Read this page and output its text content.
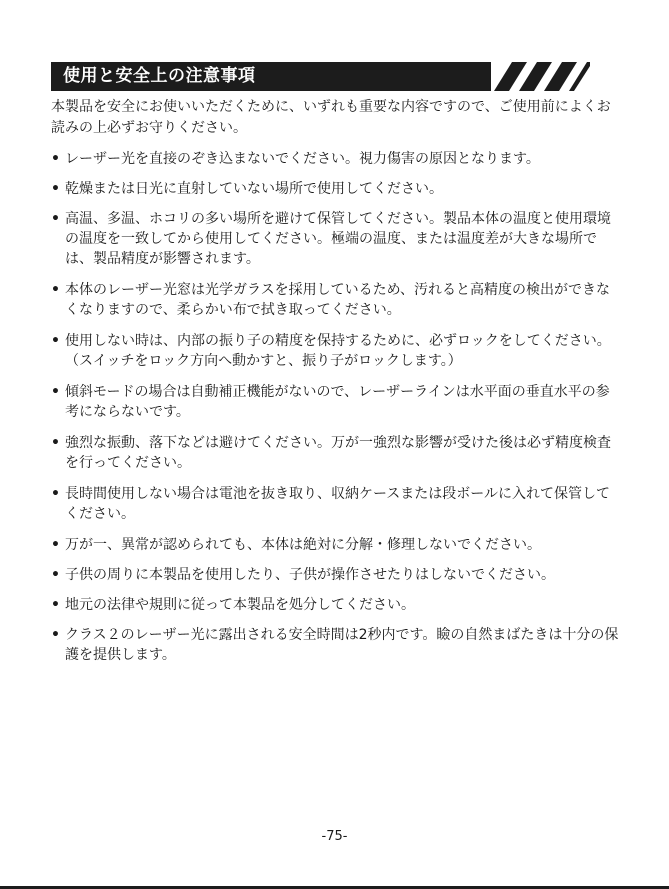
使用と安全上の注意事項
本製品を安全にお使いいただくために、いずれも重要な内容ですので、ご使用前によくお読みの上必ずお守りください。
• レーザー光を直接のぞき込まないでください。視力傷害の原因となります。
• 乾燥または日光に直射していない場所で使用してください。
• 高温、多温、ホコリの多い場所を避けて保管してください。製品本体の温度と使用環境の温度を一致してから使用してください。極端の温度、または温度差が大きな場所では、製品精度が影響されます。
• 本体のレーザー光窓は光学ガラスを採用しているため、汚れると高精度の検出ができなくなりますので、柔らかい布で拭き取ってください。
• 使用しない時は、内部の振り子の精度を保持するために、必ずロックをしてください。（スイッチをロック方向へ動かすと、振り子がロックします。）
• 傾斜モードの場合は自動補正機能がないので、レーザーラインは水平面の垂直水平の参考にならないです。
• 強烈な振動、落下などは避けてください。万が一強烈な影響が受けた後は必ず精度検査を行ってください。
• 長時間使用しない場合は電池を抜き取り、収納ケースまたは段ボールに入れて保管してください。
• 万が一、異常が認められても、本体は絶対に分解・修理しないでください。
• 子供の周りに本製品を使用したり、子供が操作させたりはしないでください。
• 地元の法律や規則に従って本製品を処分してください。
• クラス２のレーザー光に露出される安全時間は2秒内です。瞼の自然まばたきは十分の保護を提供します。
-75-
